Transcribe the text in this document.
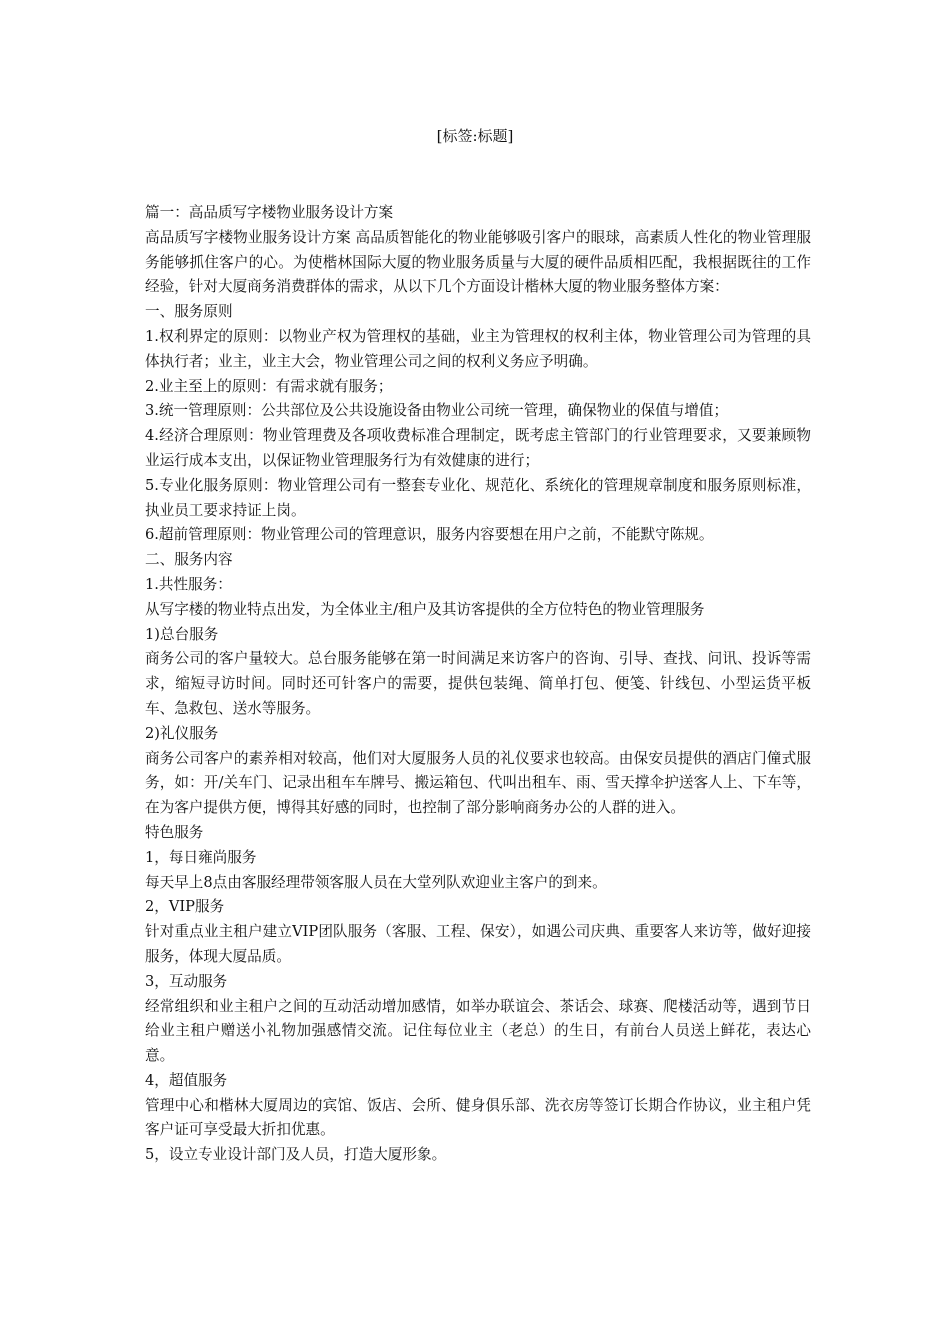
[标签:标题]

篇一：高品质写字楼物业服务设计方案

高品质写字楼物业服务设计方案 高品质智能化的物业能够吸引客户的眼球，高素质人性化的物业管理服务能够抓住客户的心。为使楷林国际大厦的物业服务质量与大厦的硬件品质相匹配，我根据既往的工作经验，针对大厦商务消费群体的需求，从以下几个方面设计楷林大厦的物业服务整体方案：

一、服务原则

1.权利界定的原则：以物业产权为管理权的基础，业主为管理权的权利主体，物业管理公司为管理的具体执行者；业主，业主大会，物业管理公司之间的权利义务应予明确。

2.业主至上的原则：有需求就有服务；

3.统一管理原则：公共部位及公共设施设备由物业公司统一管理，确保物业的保值与增值；

4.经济合理原则：物业管理费及各项收费标准合理制定，既考虑主管部门的行业管理要求，又要兼顾物业运行成本支出，以保证物业管理服务行为有效健康的进行；

5.专业化服务原则：物业管理公司有一整套专业化、规范化、系统化的管理规章制度和服务原则标准，执业员工要求持证上岗。

6.超前管理原则：物业管理公司的管理意识，服务内容要想在用户之前，不能默守陈规。

二、服务内容

1.共性服务：

从写字楼的物业特点出发，为全体业主/租户及其访客提供的全方位特色的物业管理服务

1)总台服务

商务公司的客户量较大。总台服务能够在第一时间满足来访客户的咨询、引导、查找、问讯、投诉等需求，缩短寻访时间。同时还可针客户的需要，提供包装绳、简单打包、便笺、针线包、小型运货平板车、急救包、送水等服务。

2)礼仪服务

商务公司客户的素养相对较高，他们对大厦服务人员的礼仪要求也较高。由保安员提供的酒店门僮式服务，如：开/关车门、记录出租车车牌号、搬运箱包、代叫出租车、雨、雪天撑伞护送客人上、下车等，在为客户提供方便，博得其好感的同时，也控制了部分影响商务办公的人群的进入。

特色服务

1，每日雍尚服务

每天早上8点由客服经理带领客服人员在大堂列队欢迎业主客户的到来。

2，VIP服务

针对重点业主租户建立VIP团队服务（客服、工程、保安），如遇公司庆典、重要客人来访等，做好迎接服务，体现大厦品质。

3，互动服务

经常组织和业主租户之间的互动活动增加感情，如举办联谊会、茶话会、球赛、爬楼活动等，遇到节日给业主租户赠送小礼物加强感情交流。记住每位业主（老总）的生日，有前台人员送上鲜花，表达心意。

4，超值服务

管理中心和楷林大厦周边的宾馆、饭店、会所、健身俱乐部、洗衣房等签订长期合作协议，业主租户凭客户证可享受最大折扣优惠。

5，设立专业设计部门及人员，打造大厦形象。
